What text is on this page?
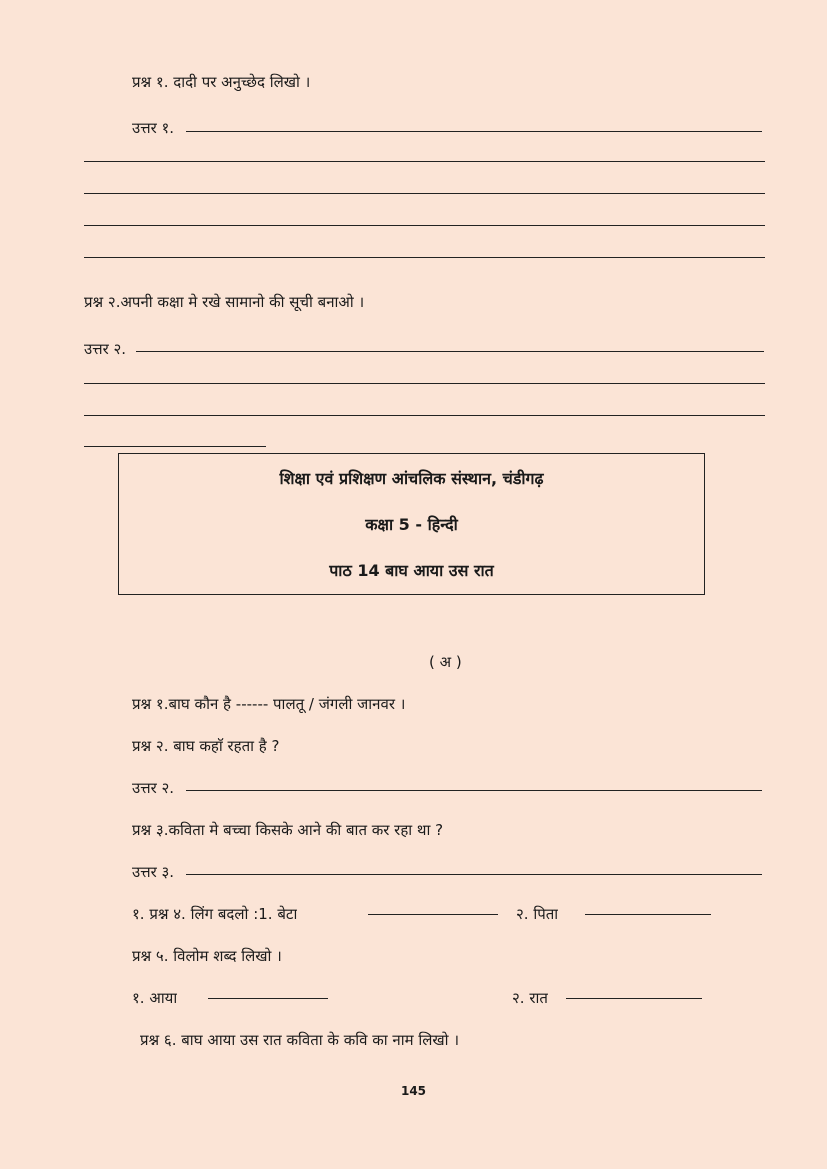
प्रश्न १. दादी पर अनुच्छेद लिखो ।
उत्तर १.
प्रश्न २.अपनी कक्षा मे रखे सामानो की सूची बनाओ ।
उत्तर २.
शिक्षा एवं प्रशिक्षण आंचलिक संस्थान, चंडीगढ़
कक्षा 5 - हिन्दी
पाठ 14 बाघ आया उस रात
( अ )
प्रश्न १.बाघ कौन है ------ पालतू / जंगली जानवर ।
प्रश्न २. बाघ कहाॅ रहता है ?
उत्तर २.
प्रश्न ३.कविता मे बच्चा किसके आने की बात कर रहा था ?
उत्तर ३.
१. प्रश्न ४. लिंग बदलो :1. बेटा	२. पिता
प्रश्न ५. विलोम शब्द लिखो ।
१. आया	२. रात
प्रश्न ६. बाघ आया उस रात कविता के कवि का नाम लिखो ।
145
